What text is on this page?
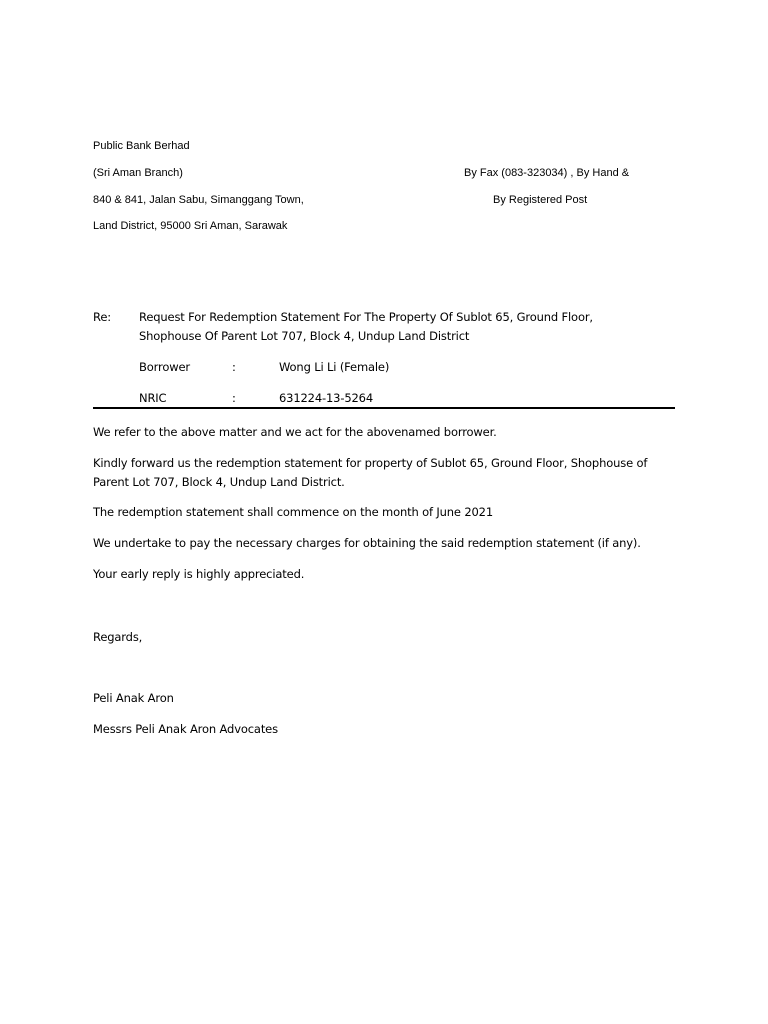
Public Bank Berhad
(Sri Aman Branch)
840 & 841, Jalan Sabu, Simanggang Town,
Land District, 95000 Sri Aman, Sarawak
By Fax (083-323034) , By Hand &
By Registered Post
Re: Request For Redemption Statement For The Property Of Sublot 65, Ground Floor,
Shophouse Of Parent Lot 707, Block 4, Undup Land District
Borrower	:	Wong Li Li (Female)
NRIC	:	631224-13-5264
We refer to the above matter and we act for the abovenamed borrower.
Kindly forward us the redemption statement for property of Sublot 65, Ground Floor, Shophouse of
Parent Lot 707, Block 4, Undup Land District.
The redemption statement shall commence on the month of June 2021
We undertake to pay the necessary charges for obtaining the said redemption statement (if any).
Your early reply is highly appreciated.
Regards,
Peli Anak Aron
Messrs Peli Anak Aron Advocates
